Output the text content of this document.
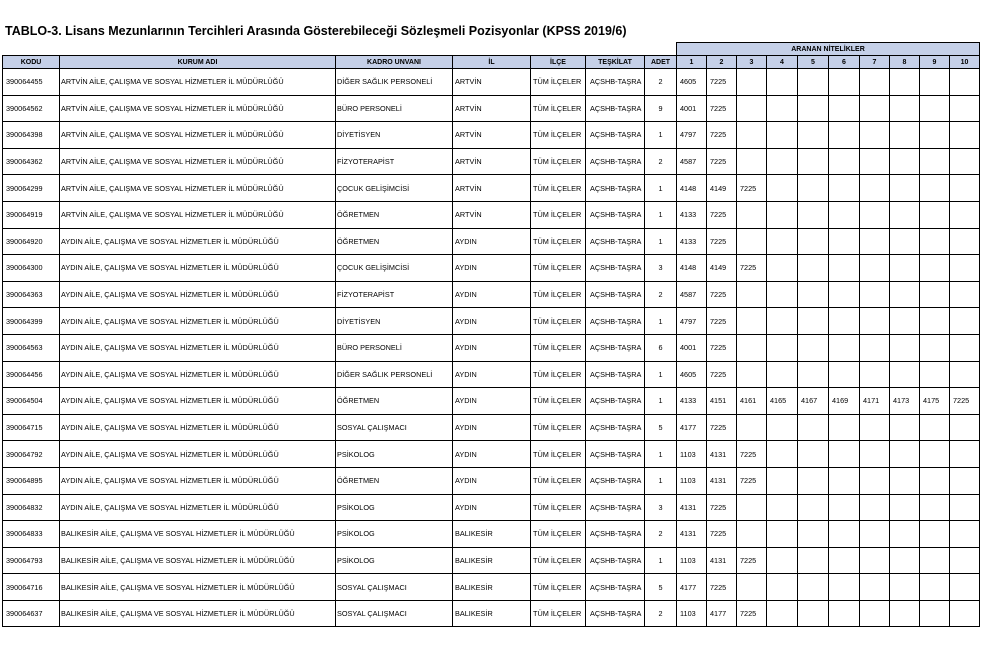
TABLO-3. Lisans Mezunlarının Tercihleri Arasında Gösterebileceği Sözleşmeli Pozisyonlar (KPSS 2019/6)
							ARANAN NİTELİKLER									
KODU	KURUM ADI	KADRO UNVANI	İL	İLÇE	TEŞKİLAT	ADET	1	2	3	4	5	6	7	8	9	10
390064455	ARTVİN AİLE, ÇALIŞMA VE SOSYAL HİZMETLER İL MÜDÜRLÜĞÜ	DİĞER SAĞLIK PERSONELİ	ARTVİN	TÜM İLÇELER	AÇSHB-TAŞRA	2	4605	7225								
390064562	ARTVİN AİLE, ÇALIŞMA VE SOSYAL HİZMETLER İL MÜDÜRLÜĞÜ	BÜRO PERSONELİ	ARTVİN	TÜM İLÇELER	AÇSHB-TAŞRA	9	4001	7225								
390064398	ARTVİN AİLE, ÇALIŞMA VE SOSYAL HİZMETLER İL MÜDÜRLÜĞÜ	DİYETİSYEN	ARTVİN	TÜM İLÇELER	AÇSHB-TAŞRA	1	4797	7225								
390064362	ARTVİN AİLE, ÇALIŞMA VE SOSYAL HİZMETLER İL MÜDÜRLÜĞÜ	FİZYOTERAPİST	ARTVİN	TÜM İLÇELER	AÇSHB-TAŞRA	2	4587	7225								
390064299	ARTVİN AİLE, ÇALIŞMA VE SOSYAL HİZMETLER İL MÜDÜRLÜĞÜ	ÇOCUK GELİŞİMCİSİ	ARTVİN	TÜM İLÇELER	AÇSHB-TAŞRA	1	4148	4149	7225							
390064919	ARTVİN AİLE, ÇALIŞMA VE SOSYAL HİZMETLER İL MÜDÜRLÜĞÜ	ÖĞRETMEN	ARTVİN	TÜM İLÇELER	AÇSHB-TAŞRA	1	4133	7225								
390064920	AYDIN AİLE, ÇALIŞMA VE SOSYAL HİZMETLER İL MÜDÜRLÜĞÜ	ÖĞRETMEN	AYDIN	TÜM İLÇELER	AÇSHB-TAŞRA	1	4133	7225								
390064300	AYDIN AİLE, ÇALIŞMA VE SOSYAL HİZMETLER İL MÜDÜRLÜĞÜ	ÇOCUK GELİŞİMCİSİ	AYDIN	TÜM İLÇELER	AÇSHB-TAŞRA	3	4148	4149	7225							
390064363	AYDIN AİLE, ÇALIŞMA VE SOSYAL HİZMETLER İL MÜDÜRLÜĞÜ	FİZYOTERAPİST	AYDIN	TÜM İLÇELER	AÇSHB-TAŞRA	2	4587	7225								
390064399	AYDIN AİLE, ÇALIŞMA VE SOSYAL HİZMETLER İL MÜDÜRLÜĞÜ	DİYETİSYEN	AYDIN	TÜM İLÇELER	AÇSHB-TAŞRA	1	4797	7225								
390064563	AYDIN AİLE, ÇALIŞMA VE SOSYAL HİZMETLER İL MÜDÜRLÜĞÜ	BÜRO PERSONELİ	AYDIN	TÜM İLÇELER	AÇSHB-TAŞRA	6	4001	7225								
390064456	AYDIN AİLE, ÇALIŞMA VE SOSYAL HİZMETLER İL MÜDÜRLÜĞÜ	DİĞER SAĞLIK PERSONELİ	AYDIN	TÜM İLÇELER	AÇSHB-TAŞRA	1	4605	7225								
390064504	AYDIN AİLE, ÇALIŞMA VE SOSYAL HİZMETLER İL MÜDÜRLÜĞÜ	ÖĞRETMEN	AYDIN	TÜM İLÇELER	AÇSHB-TAŞRA	1	4133	4151	4161	4165	4167	4169	4171	4173	4175	7225
390064715	AYDIN AİLE, ÇALIŞMA VE SOSYAL HİZMETLER İL MÜDÜRLÜĞÜ	SOSYAL ÇALIŞMACI	AYDIN	TÜM İLÇELER	AÇSHB-TAŞRA	5	4177	7225								
390064792	AYDIN AİLE, ÇALIŞMA VE SOSYAL HİZMETLER İL MÜDÜRLÜĞÜ	PSİKOLOG	AYDIN	TÜM İLÇELER	AÇSHB-TAŞRA	1	1103	4131	7225							
390064895	AYDIN AİLE, ÇALIŞMA VE SOSYAL HİZMETLER İL MÜDÜRLÜĞÜ	ÖĞRETMEN	AYDIN	TÜM İLÇELER	AÇSHB-TAŞRA	1	1103	4131	7225							
390064832	AYDIN AİLE, ÇALIŞMA VE SOSYAL HİZMETLER İL MÜDÜRLÜĞÜ	PSİKOLOG	AYDIN	TÜM İLÇELER	AÇSHB-TAŞRA	3	4131	7225								
390064833	BALIKESİR AİLE, ÇALIŞMA VE SOSYAL HİZMETLER İL MÜDÜRLÜĞÜ	PSİKOLOG	BALIKESİR	TÜM İLÇELER	AÇSHB-TAŞRA	2	4131	7225								
390064793	BALIKESİR AİLE, ÇALIŞMA VE SOSYAL HİZMETLER İL MÜDÜRLÜĞÜ	PSİKOLOG	BALIKESİR	TÜM İLÇELER	AÇSHB-TAŞRA	1	1103	4131	7225							
390064716	BALIKESİR AİLE, ÇALIŞMA VE SOSYAL HİZMETLER İL MÜDÜRLÜĞÜ	SOSYAL ÇALIŞMACI	BALIKESİR	TÜM İLÇELER	AÇSHB-TAŞRA	5	4177	7225								
390064637	BALIKESİR AİLE, ÇALIŞMA VE SOSYAL HİZMETLER İL MÜDÜRLÜĞÜ	SOSYAL ÇALIŞMACI	BALIKESİR	TÜM İLÇELER	AÇSHB-TAŞRA	2	1103	4177	7225							
